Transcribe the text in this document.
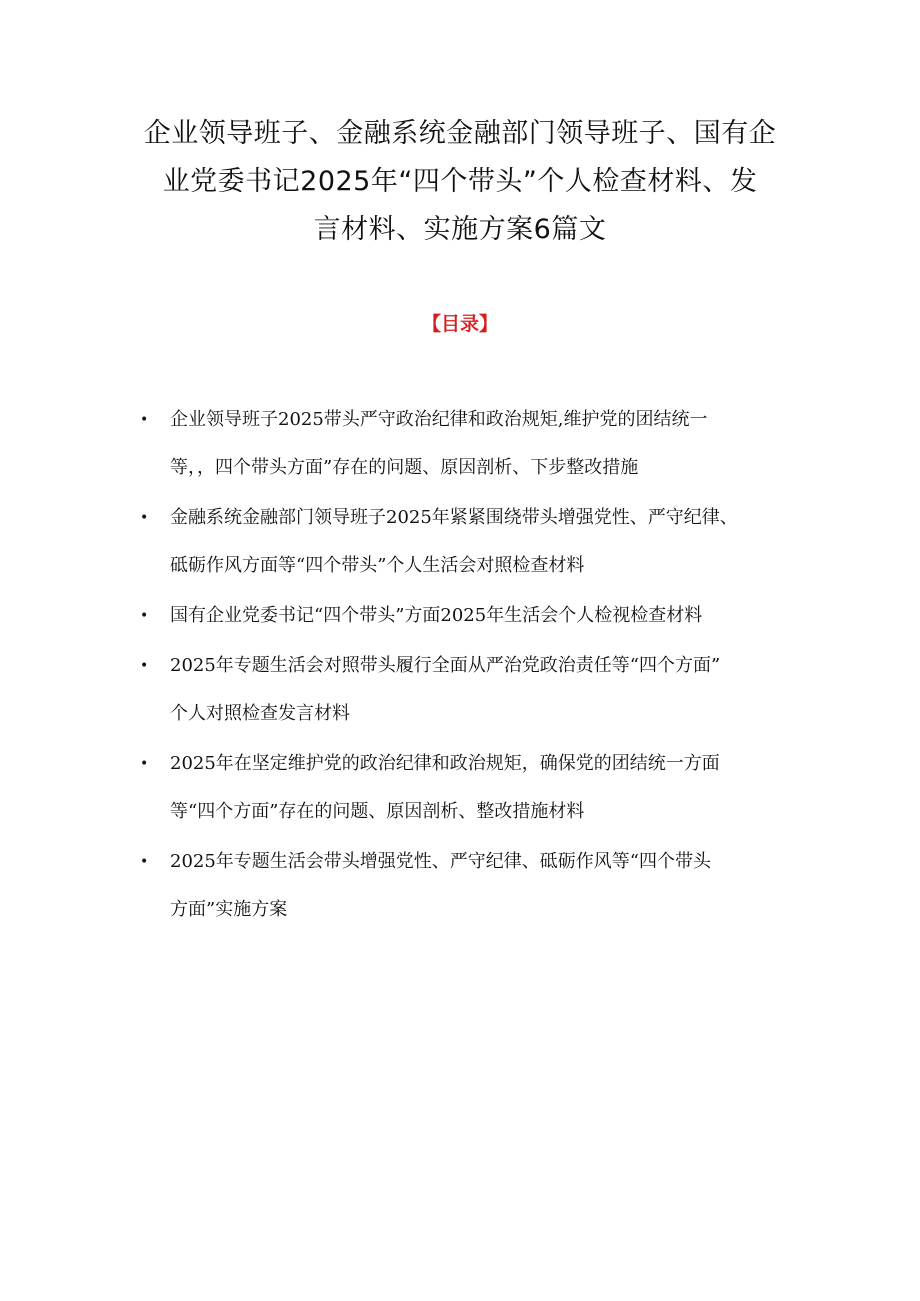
企业领导班子、金融系统金融部门领导班子、国有企
业党委书记2025年“四个带头”个人检查材料、发
言材料、实施方案6篇文
【目录】
• 企业领导班子2025带头严守政治纪律和政治规矩,维护党的团结统一
等，，四个带头方面”存在的问题、原因剖析、下步整改措施
• 金融系统金融部门领导班子2025年紧紧围绕带头增强党性、严守纪律、
砥砺作风方面等“四个带头”个人生活会对照检查材料
• 国有企业党委书记“四个带头”方面2025年生活会个人检视检查材料
• 2025年专题生活会对照带头履行全面从严治党政治责任等“四个方面”
个人对照检查发言材料
• 2025年在坚定维护党的政治纪律和政治规矩，确保党的团结统一方面
等“四个方面”存在的问题、原因剖析、整改措施材料
• 2025年专题生活会带头增强党性、严守纪律、砥砺作风等“四个带头
方面”实施方案
